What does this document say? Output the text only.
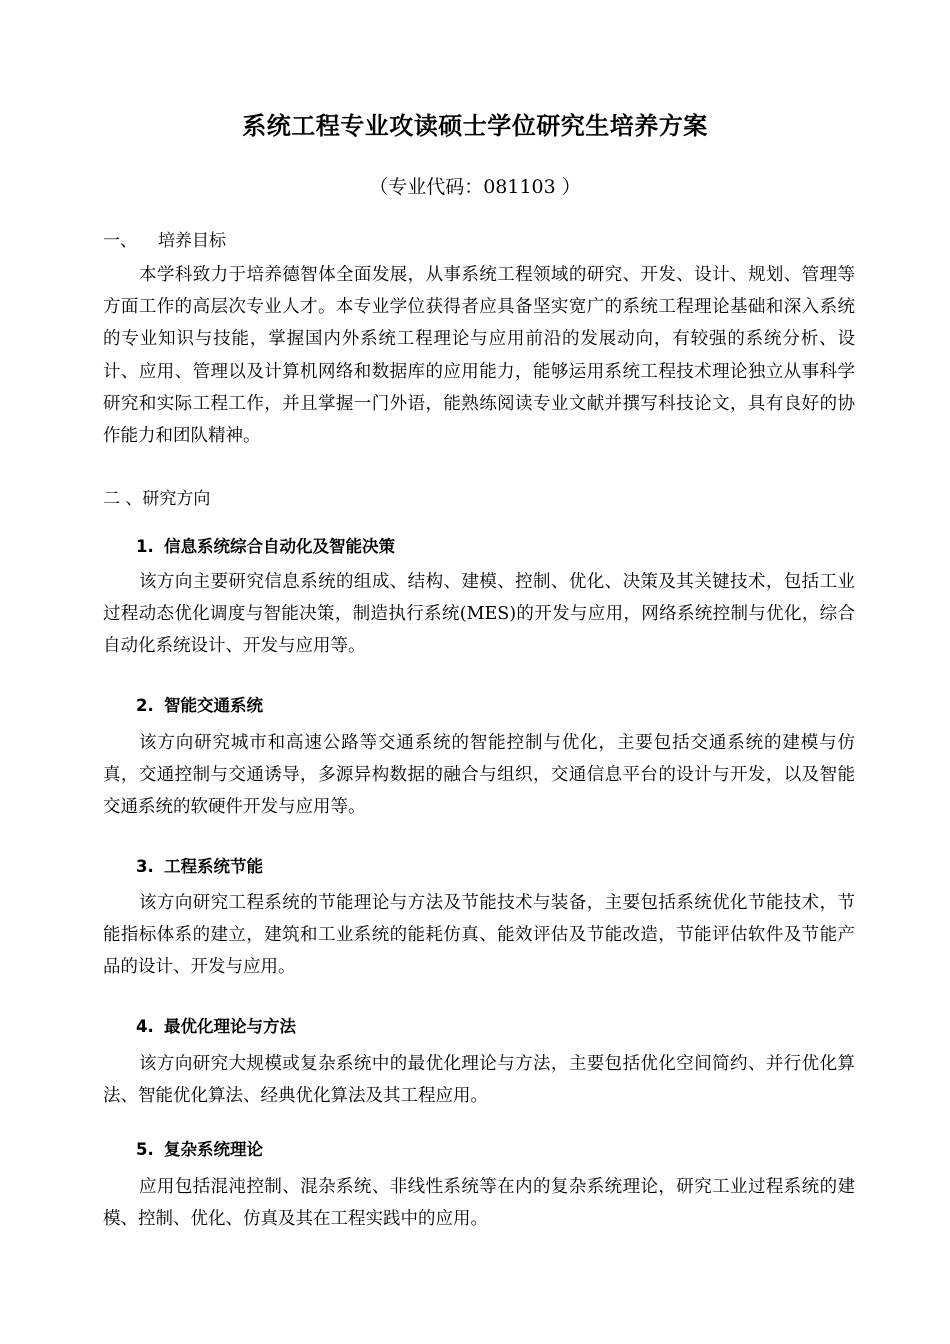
系统工程专业攻读硕士学位研究生培养方案
（专业代码：081103 ）
一、 培养目标
本学科致力于培养德智体全面发展，从事系统工程领域的研究、开发、设计、规划、管理等方面工作的高层次专业人才。本专业学位获得者应具备坚实宽广的系统工程理论基础和深入系统的专业知识与技能，掌握国内外系统工程理论与应用前沿的发展动向，有较强的系统分析、设计、应用、管理以及计算机网络和数据库的应用能力，能够运用系统工程技术理论独立从事科学研究和实际工程工作，并且掌握一门外语，能熟练阅读专业文献并撰写科技论文，具有良好的协作能力和团队精神。
二 、研究方向
1. 信息系统综合自动化及智能决策
该方向主要研究信息系统的组成、结构、建模、控制、优化、决策及其关键技术，包括工业过程动态优化调度与智能决策，制造执行系统(MES)的开发与应用，网络系统控制与优化，综合自动化系统设计、开发与应用等。
2. 智能交通系统
该方向研究城市和高速公路等交通系统的智能控制与优化，主要包括交通系统的建模与仿真，交通控制与交通诱导，多源异构数据的融合与组织，交通信息平台的设计与开发，以及智能交通系统的软硬件开发与应用等。
3. 工程系统节能
该方向研究工程系统的节能理论与方法及节能技术与装备，主要包括系统优化节能技术，节能指标体系的建立，建筑和工业系统的能耗仿真、能效评估及节能改造，节能评估软件及节能产品的设计、开发与应用。
4. 最优化理论与方法
该方向研究大规模或复杂系统中的最优化理论与方法，主要包括优化空间简约、并行优化算法、智能优化算法、经典优化算法及其工程应用。
5. 复杂系统理论
应用包括混沌控制、混杂系统、非线性系统等在内的复杂系统理论，研究工业过程系统的建模、控制、优化、仿真及其在工程实践中的应用。
